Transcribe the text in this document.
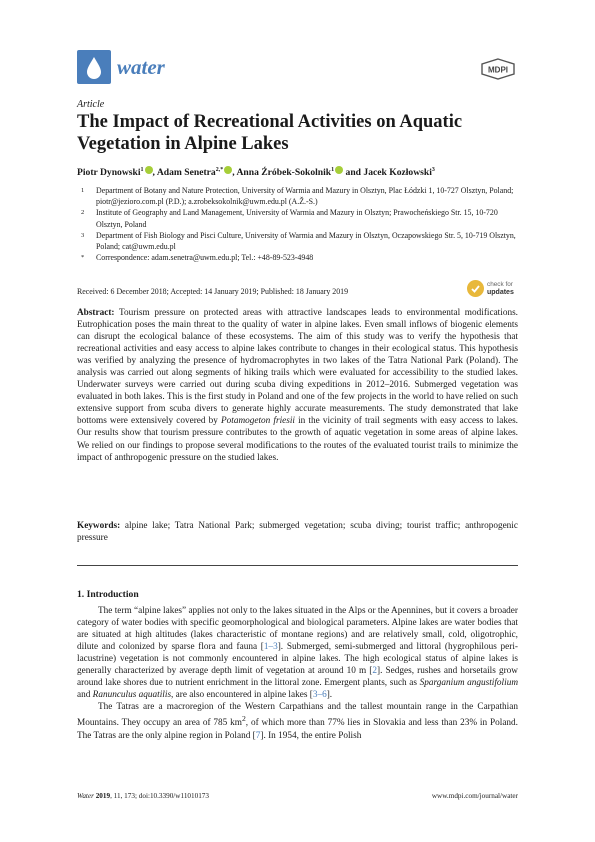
water	MDPI
Article
The Impact of Recreational Activities on Aquatic Vegetation in Alpine Lakes
Piotr Dynowski$^1$ , Adam Senetra$^{2,*}$ , Anna Źróbek-Sokolnik$^1$ and Jacek Kozłowski$^3$
1	Department of Botany and Nature Protection, University of Warmia and Mazury in Olsztyn, Plac Łódzki 1, 10-727 Olsztyn, Poland; piotr@jezioro.com.pl (P.D.); a.zrobeksokolnik@uwm.edu.pl (A.Ž.-S.)
2	Institute of Geography and Land Management, University of Warmia and Mazury in Olsztyn; Prawocheńskiego Str. 15, 10-720 Olsztyn, Poland
3	Department of Fish Biology and Pisci Culture, University of Warmia and Mazury in Olsztyn, Oczapowskiego Str. 5, 10-719 Olsztyn, Poland; cat@uwm.edu.pl
*	Correspondence: adam.senetra@uwm.edu.pl; Tel.: +48-89-523-4948
Received: 6 December 2018; Accepted: 14 January 2019; Published: 18 January 2019
check for
updates
Abstract: Tourism pressure on protected areas with attractive landscapes leads to environmental modifications. Eutrophication poses the main threat to the quality of water in alpine lakes. Even small inflows of biogenic elements can disrupt the ecological balance of these ecosystems. The aim of this study was to verify the hypothesis that recreational activities and easy access to alpine lakes contribute to changes in their ecological status. This hypothesis was verified by analyzing the presence of hydromacrophytes in two lakes of the Tatra National Park (Poland). The analysis was carried out along segments of hiking trails which were evaluated for accessibility to the studied lakes. Underwater surveys were carried out during scuba diving expeditions in 2012–2016. Submerged vegetation was evaluated in both lakes. This is the first study in Poland and one of the few projects in the world to have relied on such extensive support from scuba divers to generate highly accurate measurements. The study demonstrated that lake bottoms were extensively covered by Potamogeton friesii in the vicinity of trail segments with easy access to lakes. Our results show that tourism pressure contributes to the growth of aquatic vegetation in some areas of alpine lakes. We relied on our findings to propose several modifications to the routes of the evaluated tourist trails to minimize the impact of anthropogenic pressure on the studied lakes.
Keywords: alpine lake; Tatra National Park; submerged vegetation; scuba diving; tourist traffic; anthropogenic pressure
1. Introduction

The term “alpine lakes” applies not only to the lakes situated in the Alps or the Apennines, but it covers a broader category of water bodies with specific geomorphological and biological parameters. Alpine lakes are water bodies that are situated at high altitudes (lakes characteristic of montane regions) and are relatively small, cold, oligotrophic, dilute and colonized by sparse flora and fauna [1–3]. Submerged, semi-submerged and littoral (hygrophilous peri-lacustrine) vegetation is not commonly encountered in alpine lakes. The high ecological status of alpine lakes is generally characterized by average depth limit of vegetation at around 10 m [2]. Sedges, rushes and horsetails grow around lake shores due to nutrient enrichment in the littoral zone. Emergent plants, such as Sparganium angustifolium and Ranunculus aquatilis, are also encountered in alpine lakes [3–6].

The Tatras are a macroregion of the Western Carpathians and the tallest mountain range in the Carpathian Mountains. They occupy an area of 785 $km^2$, of which more than 77% lies in Slovakia and less than 23% in Poland. The Tatras are the only alpine region in Poland [7]. In 1954, the entire Polish

Water 2019, 11, 173; doi:10.3390/w11010173	www.mdpi.com/journal/water
